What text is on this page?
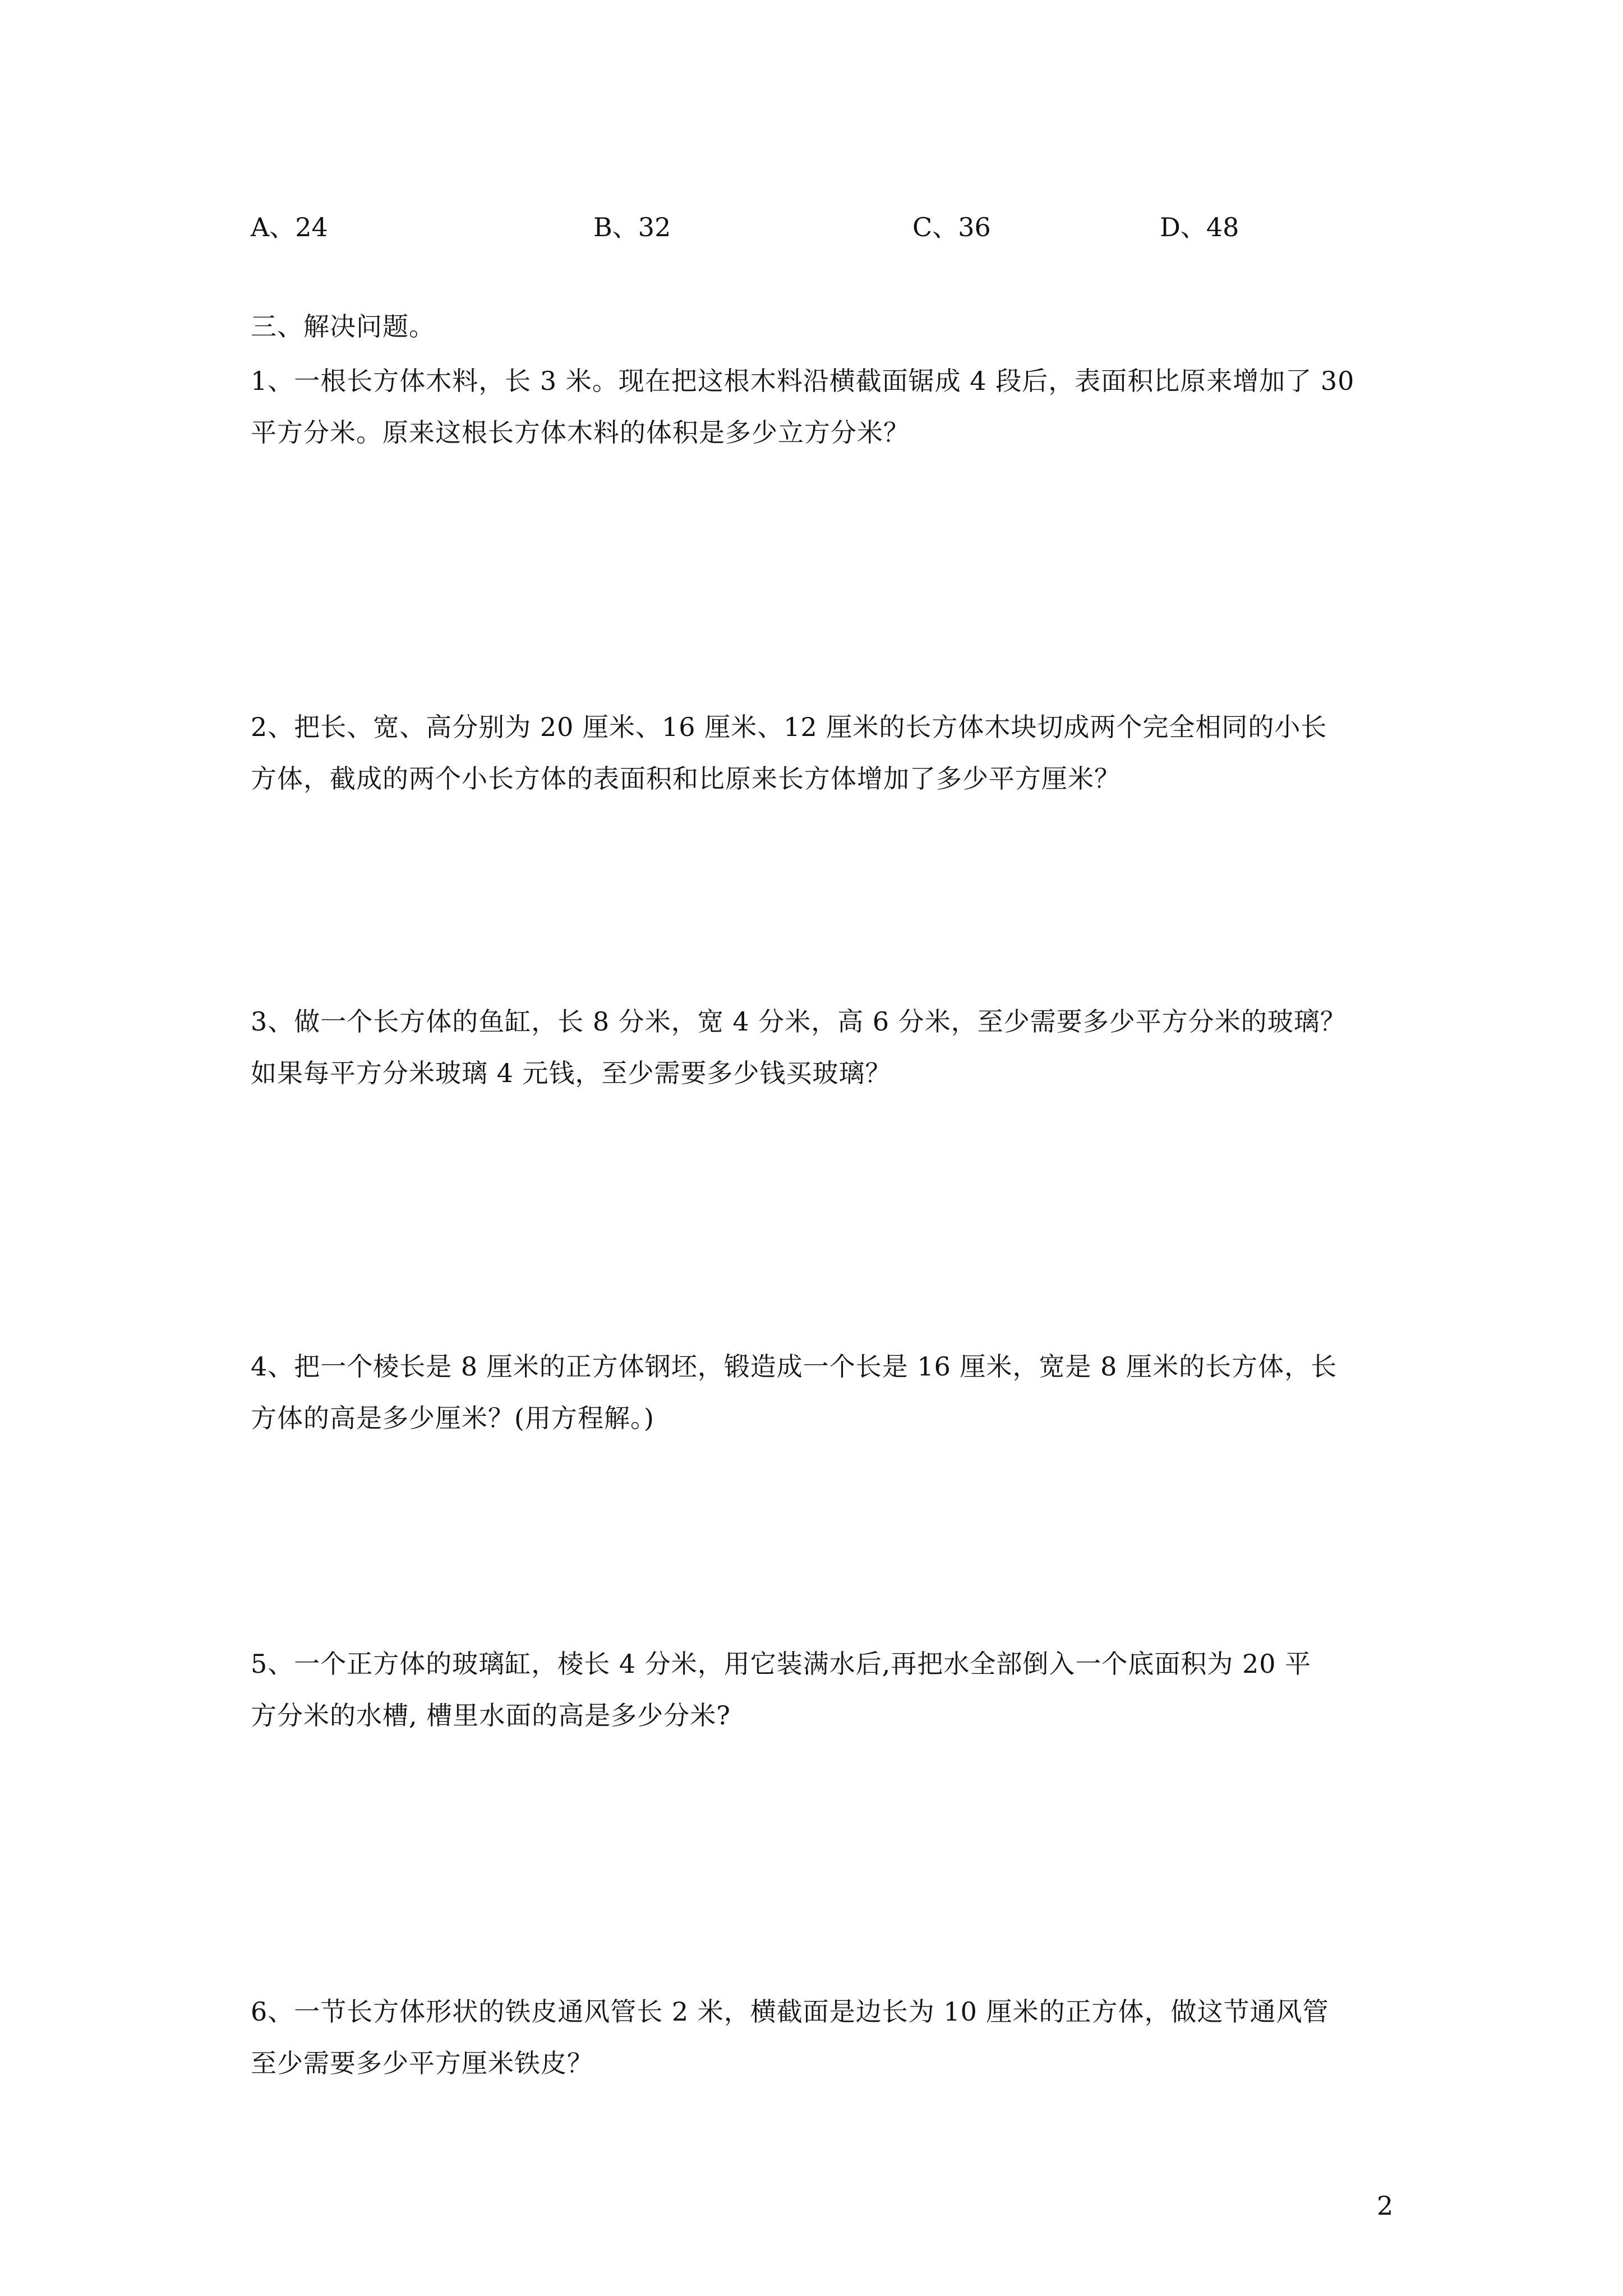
A、24	B、32	C、36	D、48
三、解决问题。
1、一根长方体木料，长 3 米。现在把这根木料沿横截面锯成 4 段后，表面积比原来增加了 30
平方分米。原来这根长方体木料的体积是多少立方分米？
2、把长、宽、高分别为 20 厘米、16 厘米、12 厘米的长方体木块切成两个完全相同的小长
方体，截成的两个小长方体的表面积和比原来长方体增加了多少平方厘米？
3、做一个长方体的鱼缸，长 8 分米，宽 4 分米，高 6 分米，至少需要多少平方分米的玻璃？
如果每平方分米玻璃 4 元钱，至少需要多少钱买玻璃？
4、把一个棱长是 8 厘米的正方体钢坯，锻造成一个长是 16 厘米，宽是 8 厘米的长方体，长
方体的高是多少厘米？(用方程解。)
5、一个正方体的玻璃缸，棱长 4 分米，用它装满水后,再把水全部倒入一个底面积为 20 平
方分米的水槽, 槽里水面的高是多少分米?
6、一节长方体形状的铁皮通风管长 2 米，横截面是边长为 10 厘米的正方体，做这节通风管
至少需要多少平方厘米铁皮？
2
